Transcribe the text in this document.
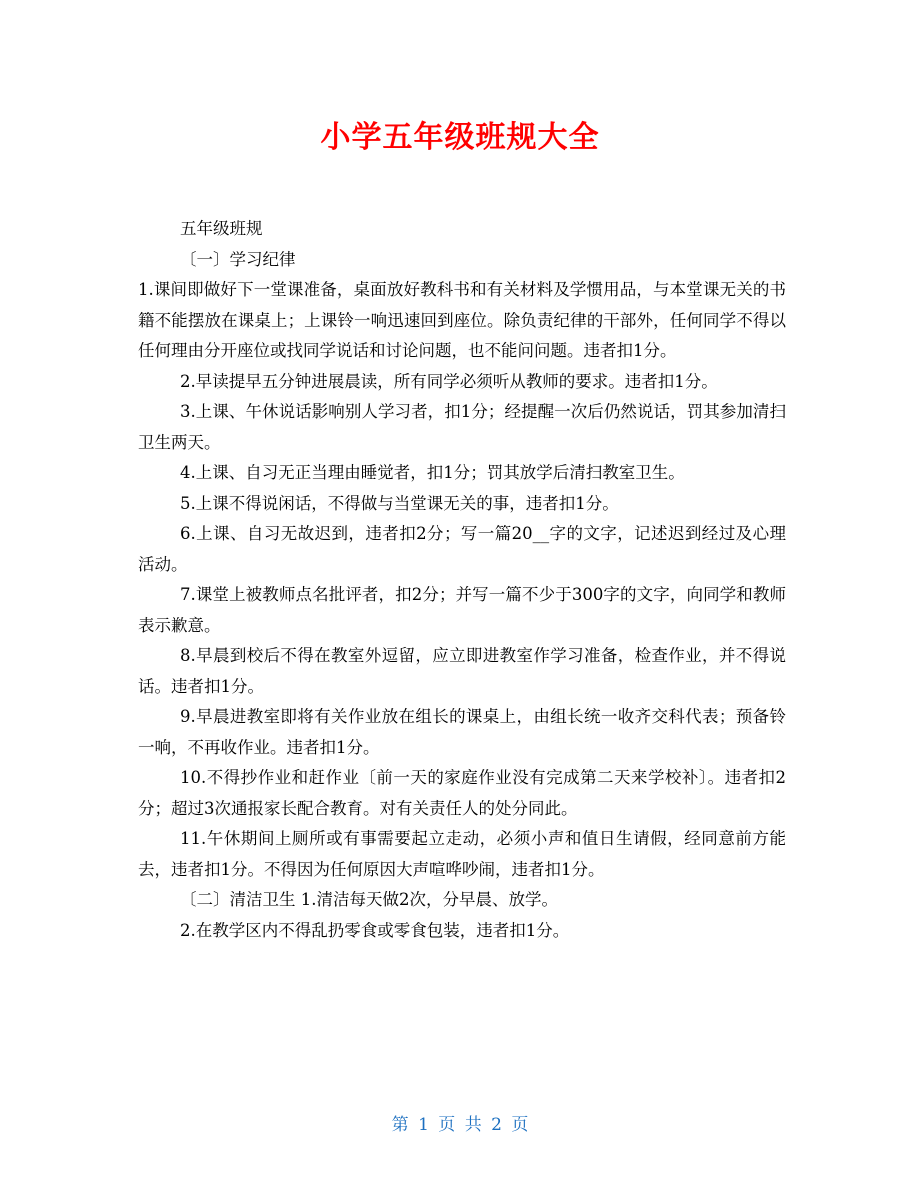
小学五年级班规大全

五年级班规

〔一〕学习纪律

1.课间即做好下一堂课准备，桌面放好教科书和有关材料及学惯用品，与本堂课无关的书籍不能摆放在课桌上；上课铃一响迅速回到座位。除负责纪律的干部外，任何同学不得以任何理由分开座位或找同学说话和讨论问题，也不能问问题。违者扣1分。

2.早读提早五分钟进展晨读，所有同学必须听从教师的要求。违者扣1分。

3.上课、午休说话影响别人学习者，扣1分；经提醒一次后仍然说话，罚其参加清扫卫生两天。

4.上课、自习无正当理由睡觉者，扣1分；罚其放学后清扫教室卫生。

5.上课不得说闲话，不得做与当堂课无关的事，违者扣1分。

6.上课、自习无故迟到，违者扣2分；写一篇20__字的文字，记述迟到经过及心理活动。

7.课堂上被教师点名批评者，扣2分；并写一篇不少于300字的文字，向同学和教师表示歉意。

8.早晨到校后不得在教室外逗留，应立即进教室作学习准备，检查作业，并不得说话。违者扣1分。

9.早晨进教室即将有关作业放在组长的课桌上，由组长统一收齐交科代表；预备铃一响，不再收作业。违者扣1分。

10.不得抄作业和赶作业〔前一天的家庭作业没有完成第二天来学校补〕。违者扣2分；超过3次通报家长配合教育。对有关责任人的处分同此。

11.午休期间上厕所或有事需要起立走动，必须小声和值日生请假，经同意前方能去，违者扣1分。不得因为任何原因大声喧哗吵闹，违者扣1分。

〔二〕清洁卫生 1.清洁每天做2次，分早晨、放学。

2.在教学区内不得乱扔零食或零食包装，违者扣1分。

第 1 页 共 2 页
